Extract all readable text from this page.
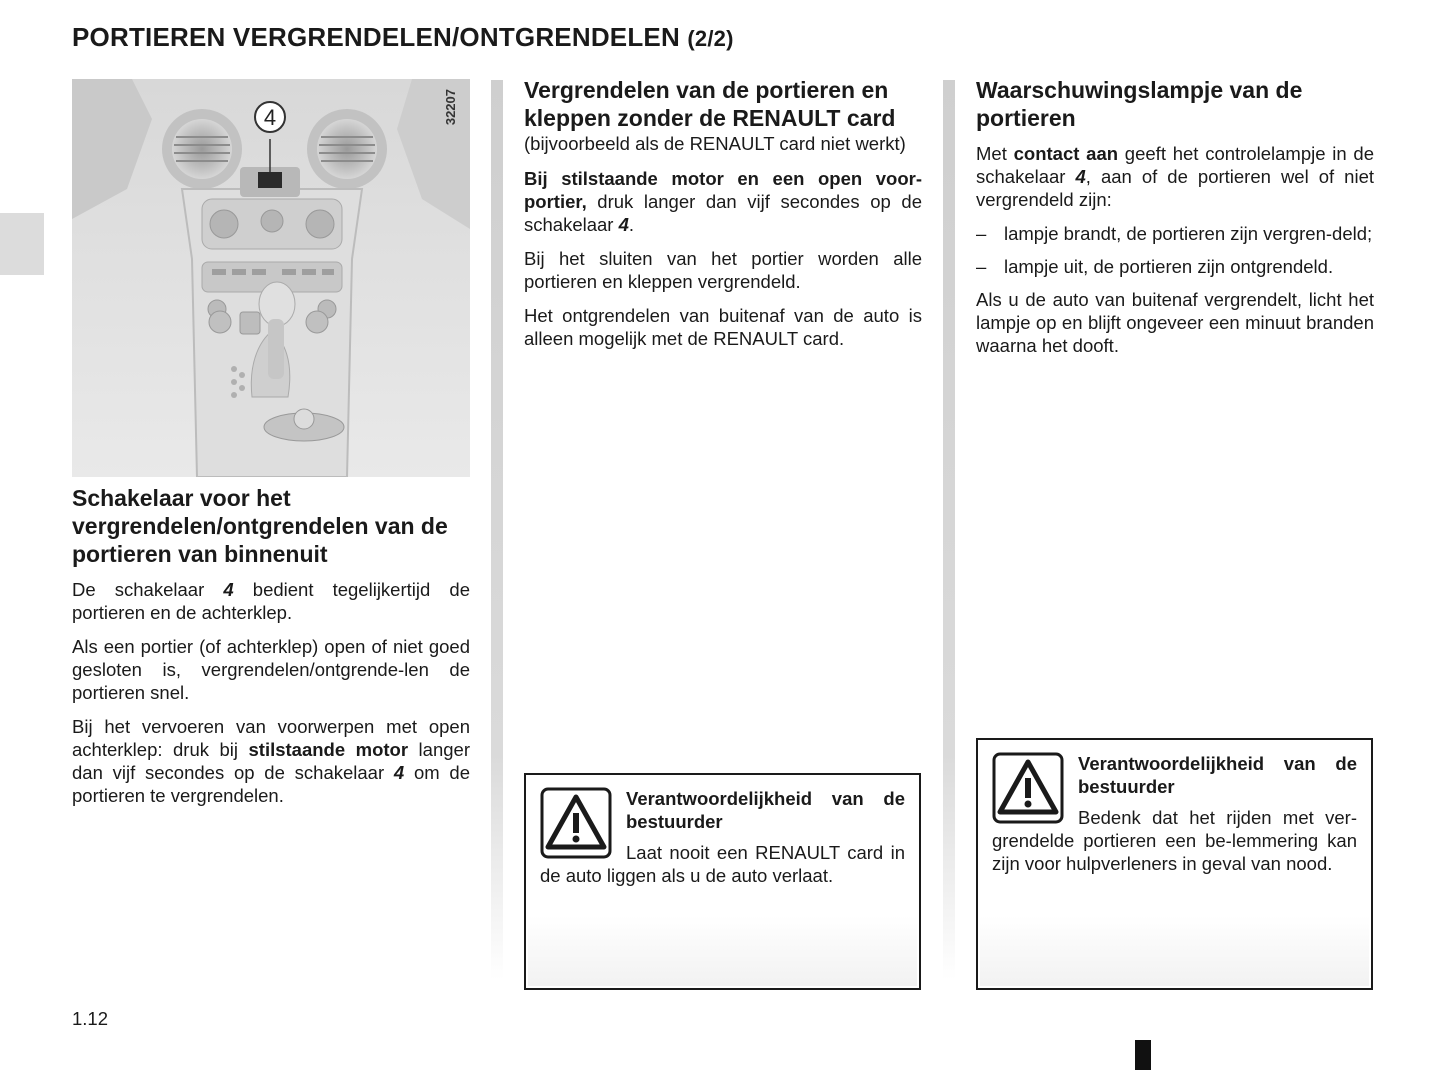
PORTIEREN VERGRENDELEN/ONTGRENDELEN (2/2)
4	32207
Schakelaar voor het vergrendelen/ontgrendelen van de portieren van binnenuit

De schakelaar 4 bedient tegelijkertijd de portieren en de achterklep.

Als een portier (of achterklep) open of niet goed gesloten is, vergrendelen/ontgrende-len de portieren snel.

Bij het vervoeren van voorwerpen met open achterklep: druk bij stilstaande motor langer dan vijf secondes op de schakelaar 4 om de portieren te vergrendelen.

Vergrendelen van de portieren en kleppen zonder de RENAULT card

(bijvoorbeeld als de RENAULT card niet werkt)

Bij stilstaande motor en een open voor-portier, druk langer dan vijf secondes op de schakelaar 4.

Bij het sluiten van het portier worden alle portieren en kleppen vergrendeld.

Het ontgrendelen van buitenaf van de auto is alleen mogelijk met de RENAULT card.

Verantwoordelijkheid van de bestuurder
Laat nooit een RENAULT card in de auto liggen als u de auto verlaat.
Waarschuwingslampje van de portieren

Met contact aan geeft het controlelampje in de schakelaar 4, aan of de portieren wel of niet vergrendeld zijn:

– lampje brandt, de portieren zijn vergren-deld;
– lampje uit, de portieren zijn ontgrendeld.

Als u de auto van buitenaf vergrendelt, licht het lampje op en blijft ongeveer een minuut branden waarna het dooft.

Verantwoordelijkheid van de bestuurder
Bedenk dat het rijden met ver-grendelde portieren een be-lemmering kan zijn voor hulpverleners in geval van nood.
1.12
